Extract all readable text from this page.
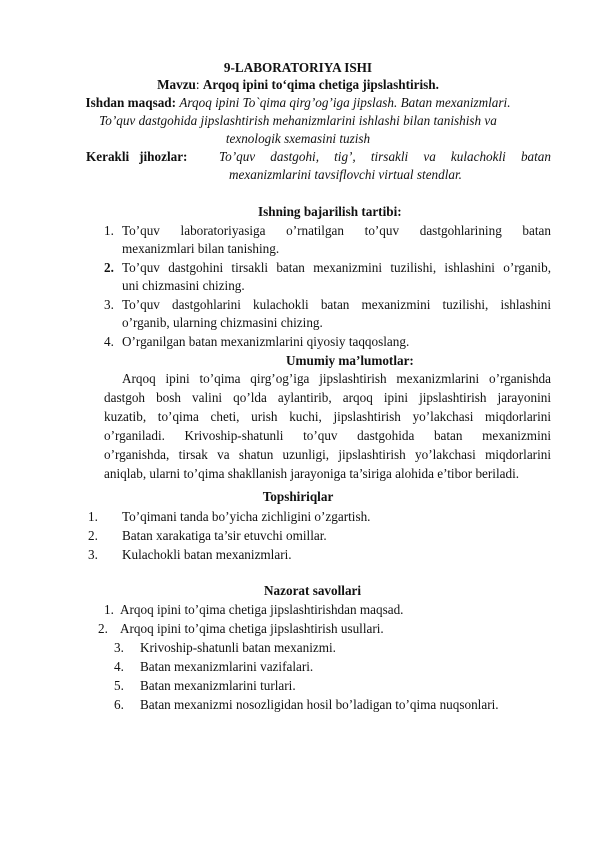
9-LABORATORIYA ISHI
Mavzu: Arqoq ipini to‘qima chetiga jipslashtirish.
Ishdan maqsad: Arqoq ipini To`qima qirg’og’iga jipslash. Batan mexanizmlari.
To’quv dastgohida jipslashtirish mehanizmlarini ishlashi bilan tanishish va
texnologik sxemasini tuzish
Kerakli   jihozlar:	To’quv dastgohi, tig’, tirsakli va kulachokli batan
mexanizmlarini tavsiflovchi virtual stendlar.
Ishning bajarilish tartibi:
1. To’quv laboratoriyasiga o’rnatilgan to’quv dastgohlarining batan
mexanizmlari bilan tanishing.
2. To’quv dastgohini tirsakli batan mexanizmini tuzilishi, ishlashini o’rganib,
uni chizmasini chizing.
3. To’quv dastgohlarini kulachokli batan mexanizmini tuzilishi, ishlashini
o’rganib, ularning chizmasini chizing.
4. O’rganilgan batan mexanizmlarini qiyosiy taqqoslang.
Umumiy ma’lumotlar:
Arqoq ipini to’qima qirg’og’iga jipslashtirish mexanizmlarini o’rganishda
dastgoh bosh valini qo’lda aylantirib, arqoq ipini jipslashtirish jarayonini
kuzatib, to’qima cheti, urish kuchi, jipslashtirish yo’lakchasi miqdorlarini
o’rganiladi. Krivoship-shatunli to’quv dastgohida batan mexanizmini
o’rganishda, tirsak va shatun uzunligi, jipslashtirish yo’lakchasi miqdorlarini
aniqlab, ularni to’qima shakllanish jarayoniga ta’siriga alohida e’tibor beriladi.
Topshiriqlar
1. To’qimani tanda bo’yicha zichligini o’zgartish.
2. Batan xarakatiga ta’sir etuvchi omillar.
3. Kulachokli batan mexanizmlari.
Nazorat savollari
1. Arqoq ipini to’qima chetiga jipslashtirishdan maqsad.
2. Arqoq ipini to’qima chetiga jipslashtirish usullari.
3. Krivoship-shatunli batan mexanizmi.
4. Batan mexanizmlarini vazifalari.
5. Batan mexanizmlarini turlari.
6. Batan mexanizmi nosozligidan hosil bo’ladigan to’qima nuqsonlari.
